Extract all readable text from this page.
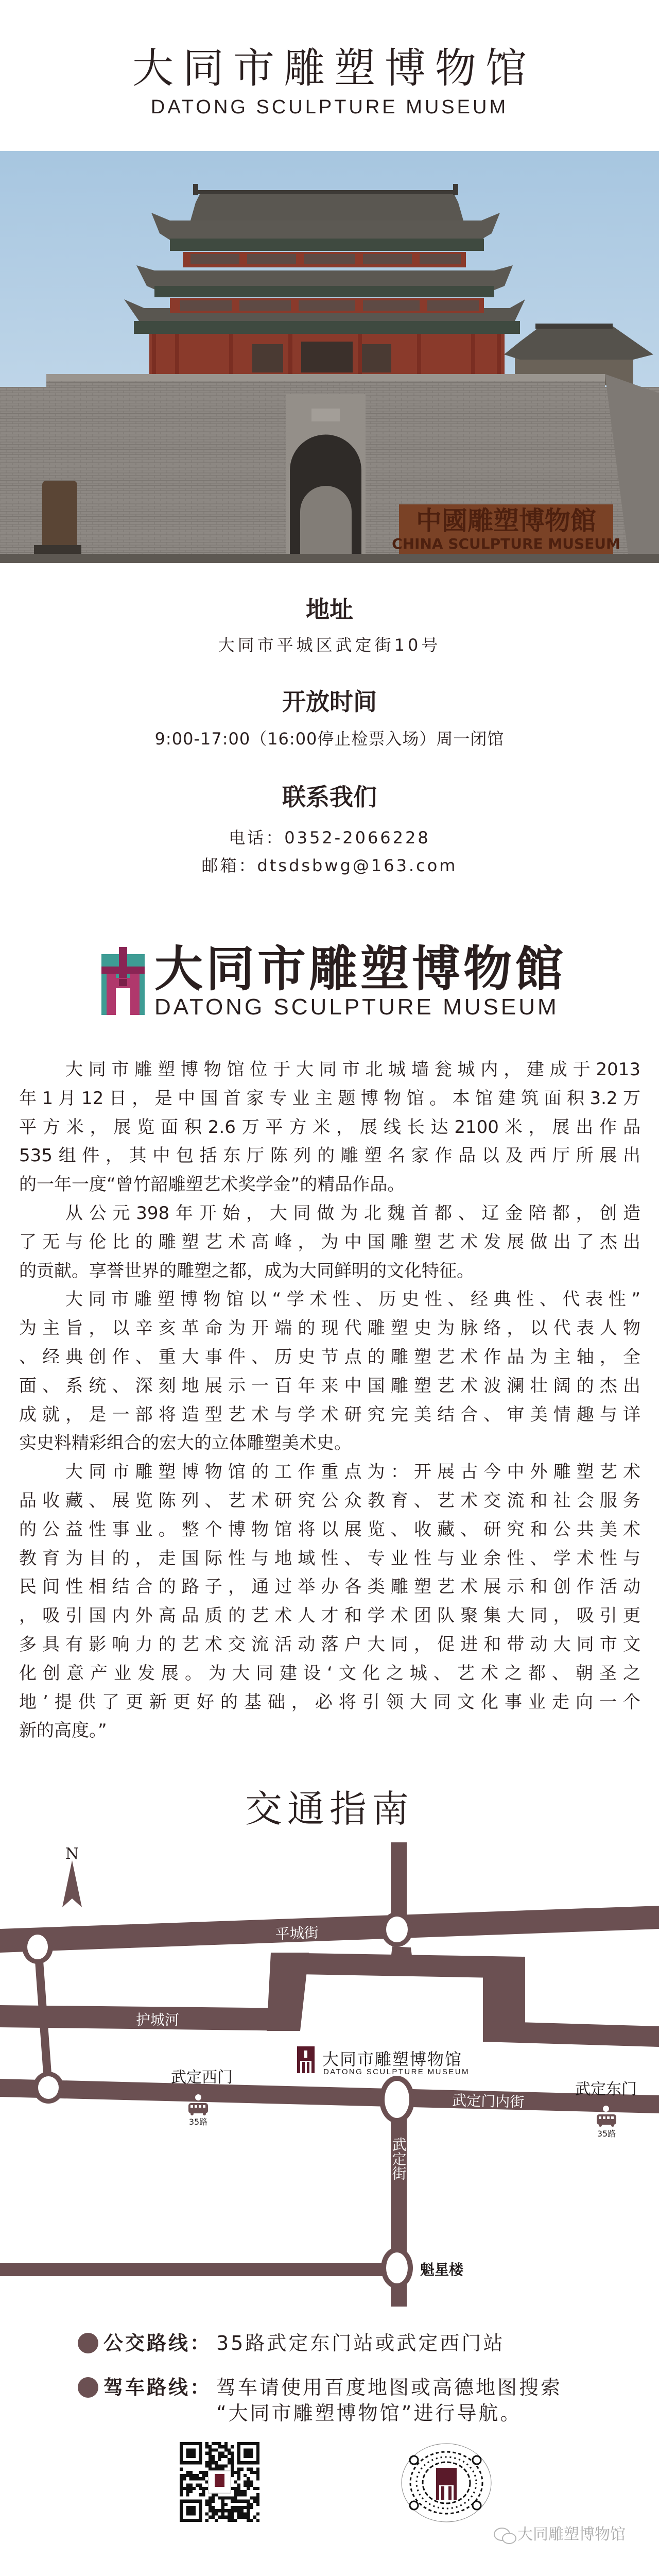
大同市雕塑博物馆
DATONG SCULPTURE MUSEUM
中國雕塑博物館
CHINA SCULPTURE MUSEUM
地址
大同市平城区武定街10号
开放时间
9:00-17:00（16:00停止检票入场）周一闭馆
联系我们
电话：0352-2066228
邮箱：dtsdsbwg@163.com
大同市雕塑博物館
DATONG SCULPTURE MUSEUM
大同市雕塑博物馆位于大同市北城墙瓮城内，建成于2013
年1月12日，是中国首家专业主题博物馆。本馆建筑面积3.2万
平方米，展览面积2.6万平方米，展线长达2100米，展出作品
535组件，其中包括东厅陈列的雕塑名家作品以及西厅所展出
的一年一度“曾竹韶雕塑艺术奖学金”的精品作品。
从公元398年开始，大同做为北魏首都、辽金陪都，创造
了无与伦比的雕塑艺术高峰，为中国雕塑艺术发展做出了杰出
的贡献。享誉世界的雕塑之都，成为大同鲜明的文化特征。
大同市雕塑博物馆以“学术性、历史性、经典性、代表性”
为主旨，以辛亥革命为开端的现代雕塑史为脉络，以代表人物
、经典创作、重大事件、历史节点的雕塑艺术作品为主轴，全
面、系统、深刻地展示一百年来中国雕塑艺术波澜壮阔的杰出
成就，是一部将造型艺术与学术研究完美结合、审美情趣与详
实史料精彩组合的宏大的立体雕塑美术史。
大同市雕塑博物馆的工作重点为：开展古今中外雕塑艺术
品收藏、展览陈列、艺术研究公众教育、艺术交流和社会服务
的公益性事业。整个博物馆将以展览、收藏、研究和公共美术
教育为目的，走国际性与地域性、专业性与业余性、学术性与
民间性相结合的路子，通过举办各类雕塑艺术展示和创作活动
，吸引国内外高品质的艺术人才和学术团队聚集大同，吸引更
多具有影响力的艺术交流活动落户大同，促进和带动大同市文
化创意产业发展。为大同建设‘文化之城、艺术之都、朝圣之
地’提供了更新更好的基础，必将引领大同文化事业走向一个
新的高度。”
交通指南
N
平城街
护城河
武定门内街
武定街
武定西门
武定东门
魁星楼
35路
35路
大同市雕塑博物馆
DATONG SCULPTURE MUSEUM
公交路线： 35路武定东门站或武定西门站
驾车路线： 驾车请使用百度地图或高德地图搜索
“大同市雕塑博物馆”进行导航。
大同雕塑博物馆
